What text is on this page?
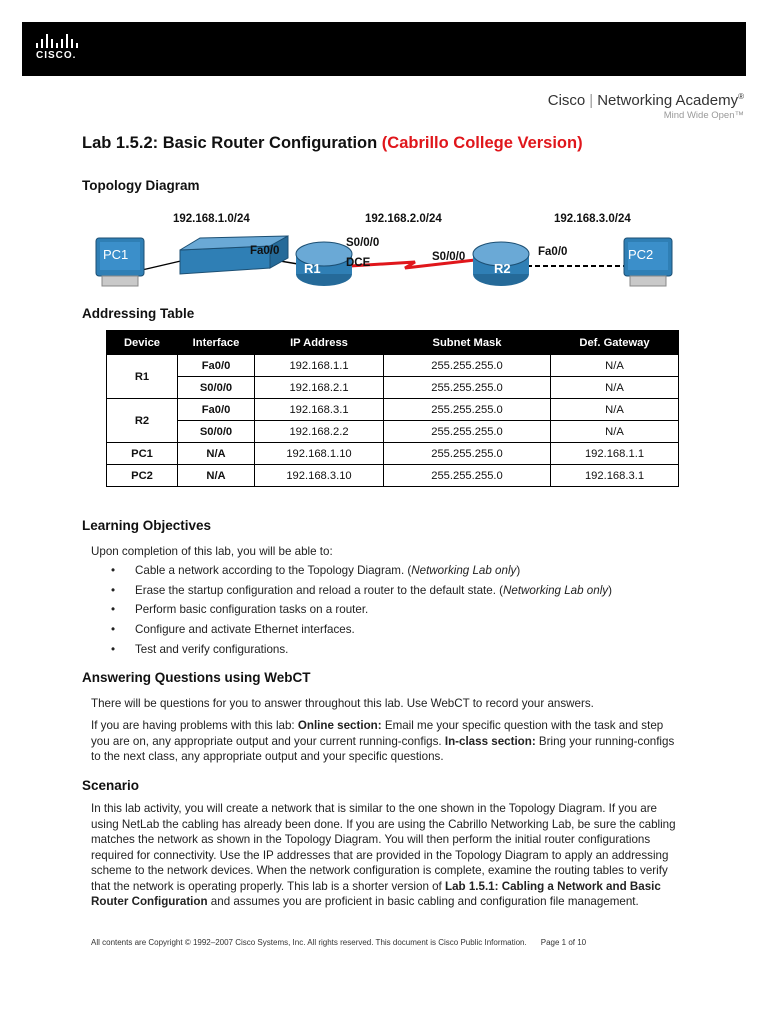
CISCO.
Cisco | Networking Academy®
Mind Wide Open™
Lab 1.5.2: Basic Router Configuration (Cabrillo College Version)
Topology Diagram
192.168.1.0/24	192.168.2.0/24	192.168.3.0/24
PC1	PC2
R1	R2
Fa0/0
S0/0/0
DCE	S0/0/0	Fa0/0
Addressing Table
Device	Interface	IP Address	Subnet Mask	Def. Gateway
R1	Fa0/0	192.168.1.1	255.255.255.0	N/A
	S0/0/0	192.168.2.1	255.255.255.0	N/A
R2	Fa0/0	192.168.3.1	255.255.255.0	N/A
	S0/0/0	192.168.2.2	255.255.255.0	N/A
PC1	N/A	192.168.1.10	255.255.255.0	192.168.1.1
PC2	N/A	192.168.3.10	255.255.255.0	192.168.3.1
Learning Objectives

Upon completion of this lab, you will be able to:

•	Cable a network according to the Topology Diagram. (Networking Lab only)
•	Erase the startup configuration and reload a router to the default state. (Networking Lab only)
•	Perform basic configuration tasks on a router.
•	Configure and activate Ethernet interfaces.
•	Test and verify configurations.
Answering Questions using WebCT

There will be questions for you to answer throughout this lab. Use WebCT to record your answers.

If you are having problems with this lab: Online section: Email me your specific question with the task and step you are on, any appropriate output and your current running-configs. In-class section: Bring your running-configs to the next class, any appropriate output and your specific questions.

Scenario

In this lab activity, you will create a network that is similar to the one shown in the Topology Diagram. If you are using NetLab the cabling has already been done. If you are using the Cabrillo Networking Lab, be sure the cabling matches the network as shown in the Topology Diagram. You will then perform the initial router configurations required for connectivity. Use the IP addresses that are provided in the Topology Diagram to apply an addressing scheme to the network devices. When the network configuration is complete, examine the routing tables to verify that the network is operating properly. This lab is a shorter version of Lab 1.5.1: Cabling a Network and Basic Router Configuration and assumes you are proficient in basic cabling and configuration file management.

All contents are Copyright © 1992–2007 Cisco Systems, Inc. All rights reserved. This document is Cisco Public Information. Page 1 of 10
